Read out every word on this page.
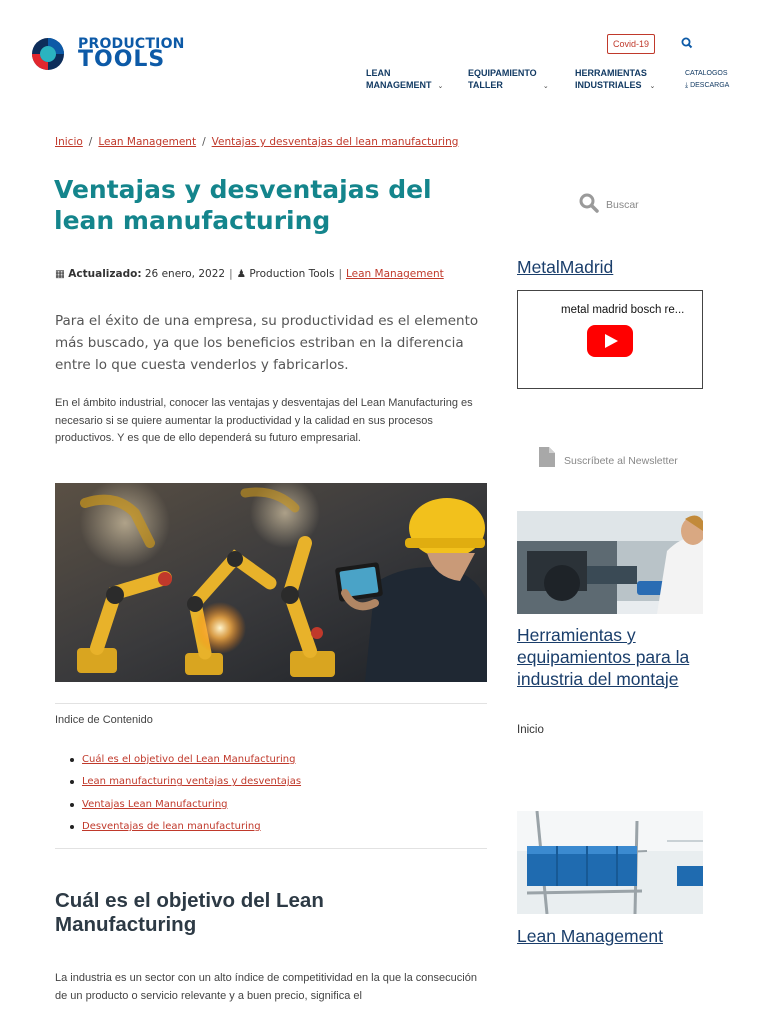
PRODUCTION
TOOLS
Covid-19
LEAN
MANAGEMENT ⌄
EQUIPAMIENTO
TALLER	⌄
HERRAMIENTAS
INDUSTRIALES ⌄
CATALOGOS
⤓ DESCARGA
Inicio / Lean Management / Ventajas y desventajas del lean manufacturing
Ventajas y desventajas del lean manufacturing
▦ Actualizado: 26 enero, 2022 | ♟ Production Tools | Lean Management

Para el éxito de una empresa, su productividad es el elemento más buscado, ya que los beneficios estriban en la diferencia entre lo que cuesta venderlos y fabricarlos.

En el ámbito industrial, conocer las ventajas y desventajas del Lean Manufacturing es necesario si se quiere aumentar la productividad y la calidad en sus procesos productivos. Y es que de ello dependerá su futuro empresarial.

Indice de Contenido
Cuál es el objetivo del Lean Manufacturing
Lean manufacturing ventajas y desventajas
Ventajas Lean Manufacturing
Desventajas de lean manufacturing
Cuál es el objetivo del Lean Manufacturing

La industria es un sector con un alto índice de competitividad en la que la consecución de un producto o servicio relevante y a buen precio, significa el

Buscar
MetalMadrid
metal madrid bosch re...
Suscríbete al Newsletter
Herramientas y equipamientos para la industria del montaje
Inicio
Lean Management
